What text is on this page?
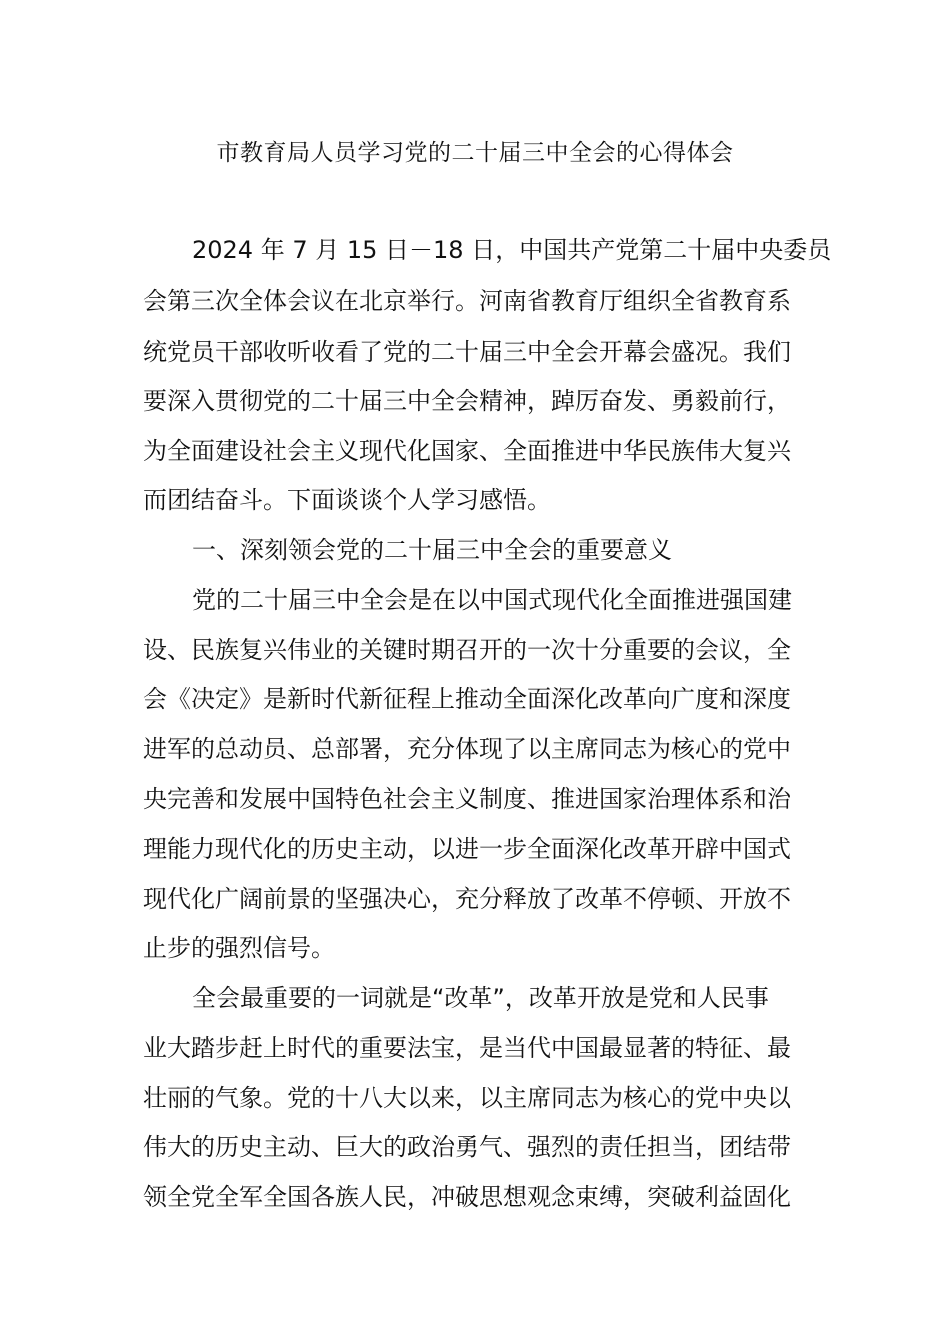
市教育局人员学习党的二十届三中全会的心得体会
2024 年 7 月 15 日－18 日，中国共产党第二十届中央委员
会第三次全体会议在北京举行。河南省教育厅组织全省教育系
统党员干部收听收看了党的二十届三中全会开幕会盛况。我们
要深入贯彻党的二十届三中全会精神，踔厉奋发、勇毅前行，
为全面建设社会主义现代化国家、全面推进中华民族伟大复兴
而团结奋斗。下面谈谈个人学习感悟。
一、深刻领会党的二十届三中全会的重要意义
党的二十届三中全会是在以中国式现代化全面推进强国建
设、民族复兴伟业的关键时期召开的一次十分重要的会议，全
会《决定》是新时代新征程上推动全面深化改革向广度和深度
进军的总动员、总部署，充分体现了以主席同志为核心的党中
央完善和发展中国特色社会主义制度、推进国家治理体系和治
理能力现代化的历史主动，以进一步全面深化改革开辟中国式
现代化广阔前景的坚强决心，充分释放了改革不停顿、开放不
止步的强烈信号。
全会最重要的一词就是“改革”，改革开放是党和人民事
业大踏步赶上时代的重要法宝，是当代中国最显著的特征、最
壮丽的气象。党的十八大以来，以主席同志为核心的党中央以
伟大的历史主动、巨大的政治勇气、强烈的责任担当，团结带
领全党全军全国各族人民，冲破思想观念束缚，突破利益固化
